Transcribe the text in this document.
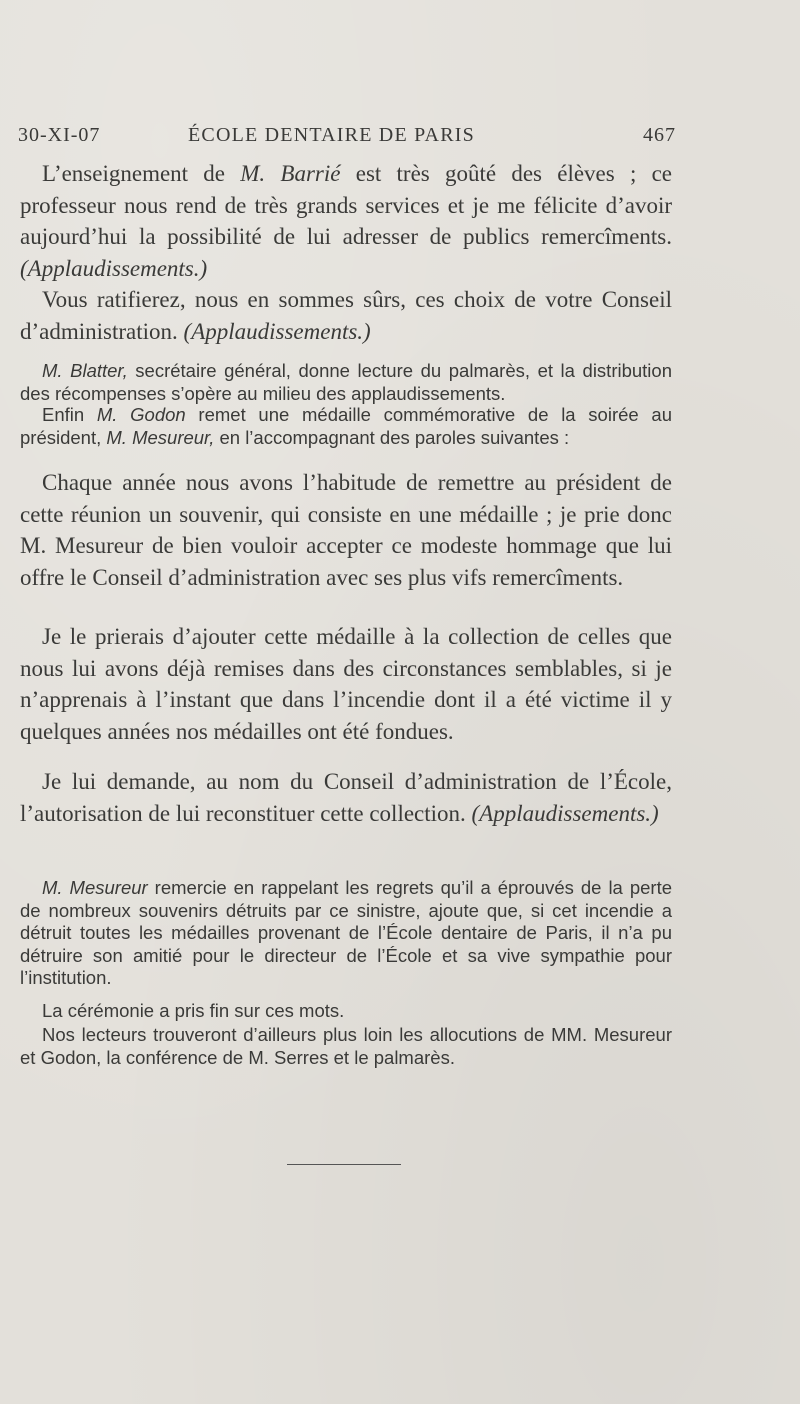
30-XI-07	ÉCOLE DENTAIRE DE PARIS	467

L’enseignement de M. Barrié est très goûté des élèves ; ce professeur nous rend de très grands services et je me félicite d’avoir aujourd’hui la possibilité de lui adresser de publics remercîments. (Applaudissements.)

Vous ratifierez, nous en sommes sûrs, ces choix de votre Conseil d’administration. (Applaudissements.)

M. Blatter, secrétaire général, donne lecture du palmarès, et la distribution des récompenses s’opère au milieu des applaudissements.

Enfin M. Godon remet une médaille commémorative de la soirée au président, M. Mesureur, en l’accompagnant des paroles suivantes :

Chaque année nous avons l’habitude de remettre au président de cette réunion un souvenir, qui consiste en une médaille ; je prie donc M. Mesureur de bien vouloir accepter ce modeste hommage que lui offre le Conseil d’administration avec ses plus vifs remercîments.

Je le prierais d’ajouter cette médaille à la collection de celles que nous lui avons déjà remises dans des circonstances semblables, si je n’apprenais à l’instant que dans l’incendie dont il a été victime il y quelques années nos médailles ont été fondues.

Je lui demande, au nom du Conseil d’administration de l’École, l’autorisation de lui reconstituer cette collection. (Applaudissements.)

M. Mesureur remercie en rappelant les regrets qu’il a éprouvés de la perte de nombreux souvenirs détruits par ce sinistre, ajoute que, si cet incendie a détruit toutes les médailles provenant de l’École dentaire de Paris, il n’a pu détruire son amitié pour le directeur de l’École et sa vive sympathie pour l’institution.

La cérémonie a pris fin sur ces mots.

Nos lecteurs trouveront d’ailleurs plus loin les allocutions de MM. Mesureur et Godon, la conférence de M. Serres et le palmarès.
